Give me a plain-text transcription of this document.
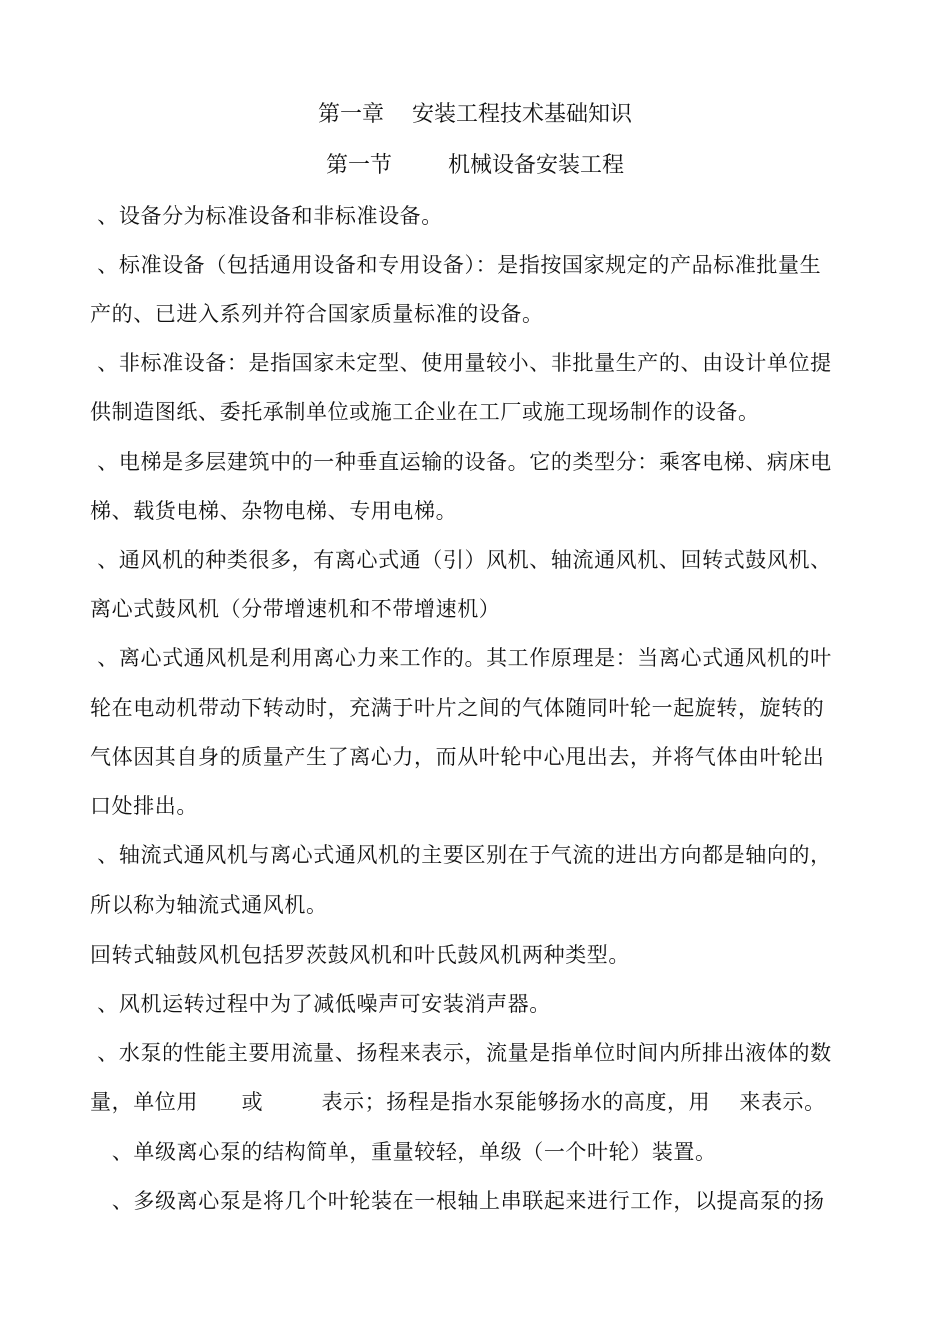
第一章    安装工程技术基础知识
第一节        机械设备安装工程
、设备分为标准设备和非标准设备。
、标准设备（包括通用设备和专用设备）：是指按国家规定的产品标准批量生
产的、已进入系列并符合国家质量标准的设备。
、非标准设备：是指国家未定型、使用量较小、非批量生产的、由设计单位提
供制造图纸、委托承制单位或施工企业在工厂或施工现场制作的设备。
、电梯是多层建筑中的一种垂直运输的设备。它的类型分：乘客电梯、病床电
梯、载货电梯、杂物电梯、专用电梯。
、通风机的种类很多，有离心式通（引）风机、轴流通风机、回转式鼓风机、
离心式鼓风机（分带增速机和不带增速机）
、离心式通风机是利用离心力来工作的。其工作原理是：当离心式通风机的叶
轮在电动机带动下转动时，充满于叶片之间的气体随同叶轮一起旋转，旋转的
气体因其自身的质量产生了离心力，而从叶轮中心甩出去，并将气体由叶轮出
口处排出。
、轴流式通风机与离心式通风机的主要区别在于气流的进出方向都是轴向的，
所以称为轴流式通风机。
回转式轴鼓风机包括罗茨鼓风机和叶氏鼓风机两种类型。
、风机运转过程中为了减低噪声可安装消声器。
、水泵的性能主要用流量、扬程来表示，流量是指单位时间内所排出液体的数
量，单位用      或        表示；扬程是指水泵能够扬水的高度，用    来表示。
、单级离心泵的结构简单，重量较轻，单级（一个叶轮）装置。
、多级离心泵是将几个叶轮装在一根轴上串联起来进行工作，以提高泵的扬
